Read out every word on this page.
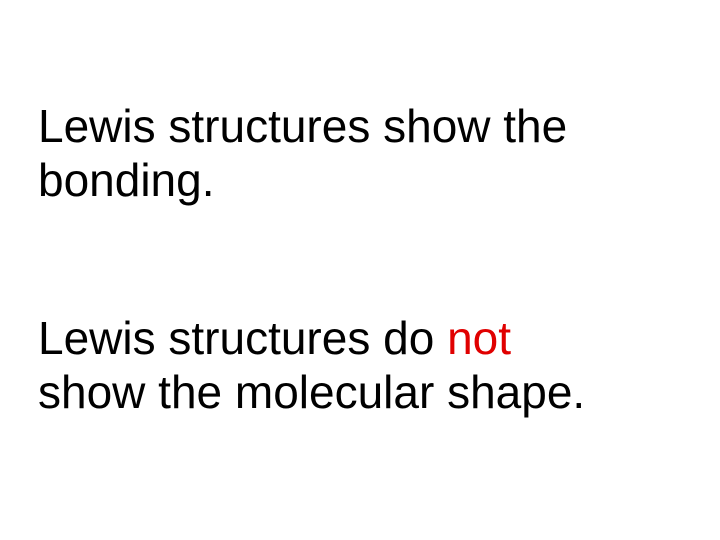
Lewis structures show the
bonding.

Lewis structures do not
show the molecular shape.
